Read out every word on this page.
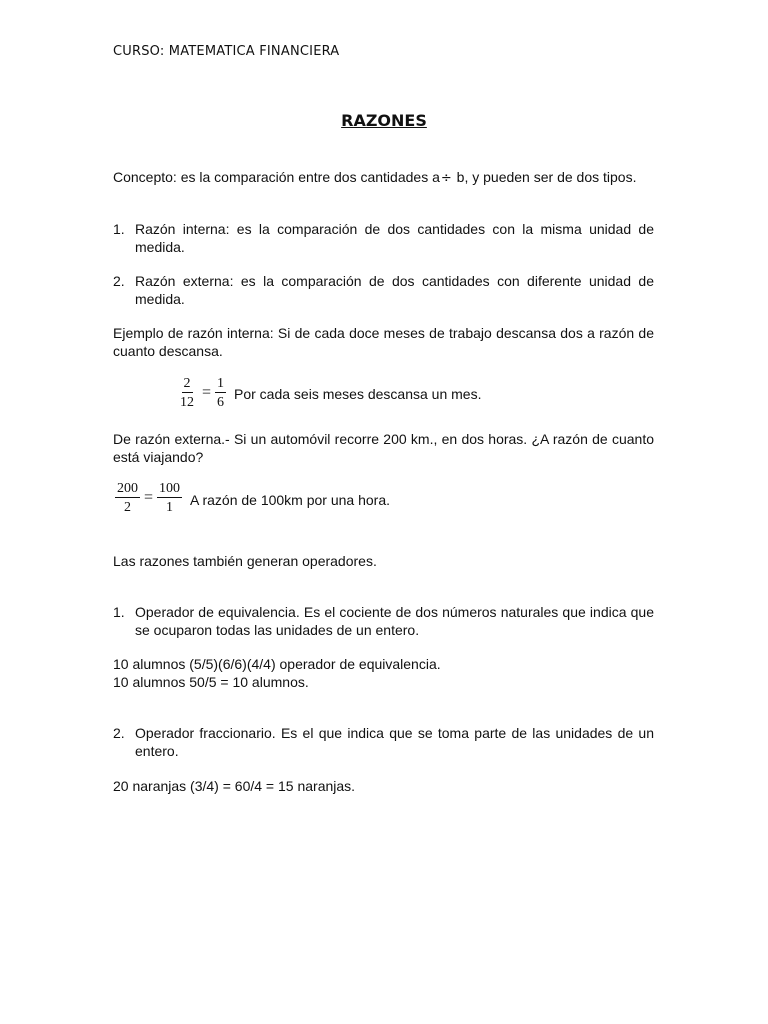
CURSO: MATEMATICA FINANCIERA

RAZONES

Concepto: es la comparación entre dos cantidades a÷ b, y pueden ser de dos tipos.

1. Razón interna: es la comparación de dos cantidades con la misma unidad de medida.
2. Razón externa: es la comparación de dos cantidades con diferente unidad de medida.

Ejemplo de razón interna: Si de cada doce meses de trabajo descansa dos a razón de cuanto descansa.

$\frac{2}{12} = \frac{1}{6}$ Por cada seis meses descansa un mes.

De razón externa.- Si un automóvil recorre 200 km., en dos horas. ¿A razón de cuanto está viajando?

$\frac{200}{2} = \frac{100}{1}$ A razón de 100km por una hora.

Las razones también generan operadores.

1. Operador de equivalencia. Es el cociente de dos números naturales que indica que se ocuparon todas las unidades de un entero.

10 alumnos (5/5)(6/6)(4/4) operador de equivalencia.

10 alumnos 50/5 = 10 alumnos.

2. Operador fraccionario. Es el que indica que se toma parte de las unidades de un entero.

20 naranjas (3/4) = 60/4 = 15 naranjas.
